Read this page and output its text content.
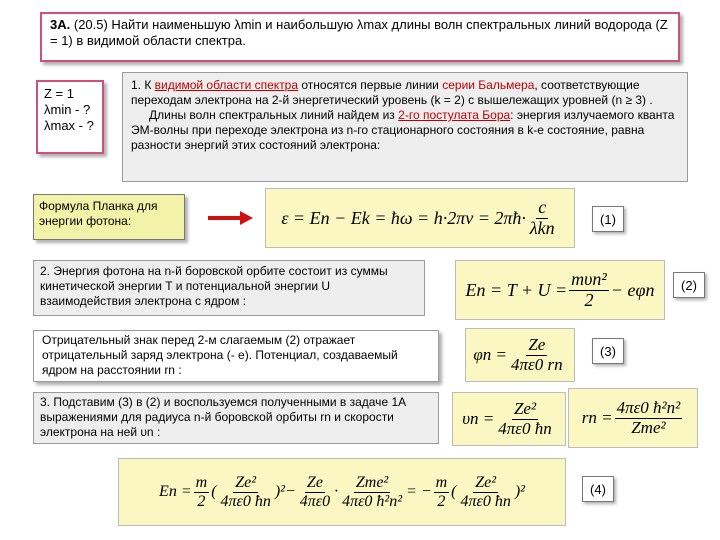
3А. (20.5) Найти наименьшую λmin и наибольшую λmax длины волн спектральных линий водорода (Z = 1) в видимой области спектра.
Z = 1
λmin - ?
λmax - ?
1. К видимой области спектра относятся первые линии серии Бальмера, соответствующие переходам электрона на 2-й энергетический уровень (k = 2) с вышележащих уровней (n ≥ 3) .
Длины волн спектральных линий найдем из 2-го постулата Бора: энергия излучаемого кванта ЭМ-волны при переходе электрона из n-го стационарного состояния в k-е состояние, равна разности энергий этих состояний электрона:
Формула Планка для энергии фотона:	ε = En − Ek = ħω = h·2πν = 2πħ· $\frac{c}{\text{λkn}}$	(1)
2. Энергия фотона на n-й боровской орбите состоит из суммы кинетической энергии T и потенциальной энергии U взаимодействия электрона с ядром :
$En = T + U = \frac{\text{mυn²}}{2} - e\varphi n$	(2)
Отрицательный знак перед 2-м слагаемым (2) отражает отрицательный заряд электрона (- e). Потенциал, создаваемый ядром на расстоянии rn :
$\varphi n = \frac{Ze}{4\pi\varepsilon 0 rn}$	(3)
3. Подставим (3) в (2) и воспользуемся полученными в задаче 1А выражениями для радиуса n-й боровской орбиты rn и скорости электрона на ней υn :
$\upsilon n = \frac{\text{Ze²}}{4\pi\varepsilon 0 ħn}$ rn = $\frac{\text{4πε0 ħ²n²}}{\text{Zme²}}$
$En = \frac{m}{2}$ ( $\frac{\text{Ze²}}{4\pi\varepsilon 0 ħn} )^2 - \frac{Ze}{4\pi\varepsilon 0} \cdot \frac{\text{Zme²}}{\text{4πε0 ħ²n²}}$ = − $\frac{m}{2}$ ( $\frac{\text{Ze²}}{4\pi\varepsilon 0 ħn} )^2$	(4)
